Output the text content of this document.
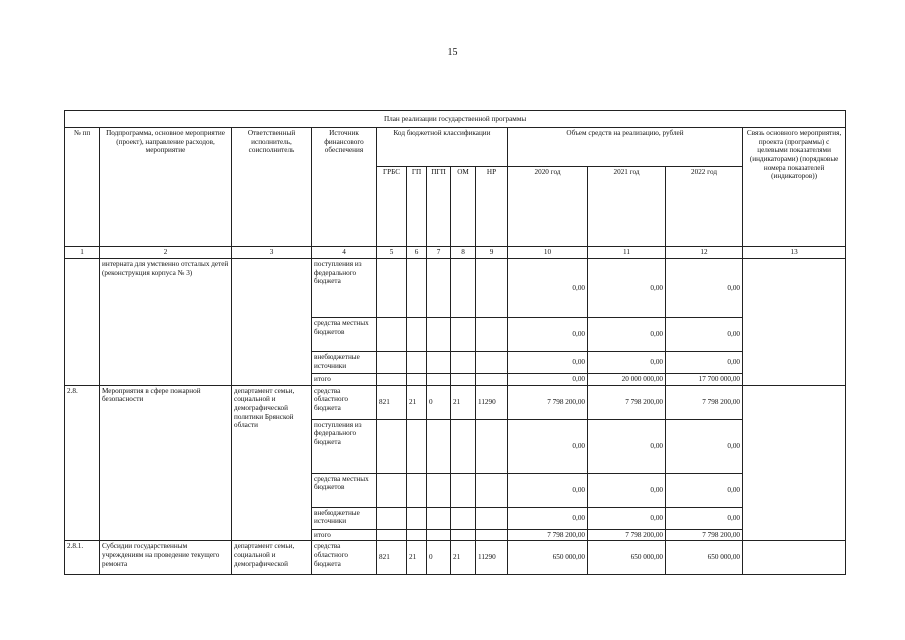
15
План реализации государственной программы												
№ пп	Подпрограмма, основное мероприятие (проект), направление расходов, мероприятие	Ответственный исполнитель, соисполнитель	Источник финансового обеспечения	Код бюджетной классификации					Объем средств на реализацию, рублей			Связь основного мероприятия, проекта (программы) с целевыми показателями (индикаторами) (порядковые номера показателей (индикаторов))
				ГРБС	ГП	ПГП	ОМ	НР	2020 год	2021 год	2022 год	
1	2	3	4	5	6	7	8	9	10	11	12	13
	интерната для умственно отсталых детей (реконструкция корпуса № 3)		поступления из федерального бюджета						0,00	0,00	0,00	
			средства местных бюджетов						0,00	0,00	0,00	
			внебюджетные источники						0,00	0,00	0,00	
			итого						0,00	20 000 000,00	17 700 000,00	
2.8.	Мероприятия в сфере пожарной безопасности	департамент семьи, социальной и демографической политики Брянской области	средства областного бюджета	821	21	0	21	11290	7 798 200,00	7 798 200,00	7 798 200,00	
			поступления из федерального бюджета						0,00	0,00	0,00	
			средства местных бюджетов						0,00	0,00	0,00	
			внебюджетные источники						0,00	0,00	0,00	
			итого						7 798 200,00	7 798 200,00	7 798 200,00	
2.8.1.	Субсидии государственным учреждениям на проведение текущего ремонта	департамент семьи, социальной и демографической	средства областного бюджета	821	21	0	21	11290	650 000,00	650 000,00	650 000,00	
